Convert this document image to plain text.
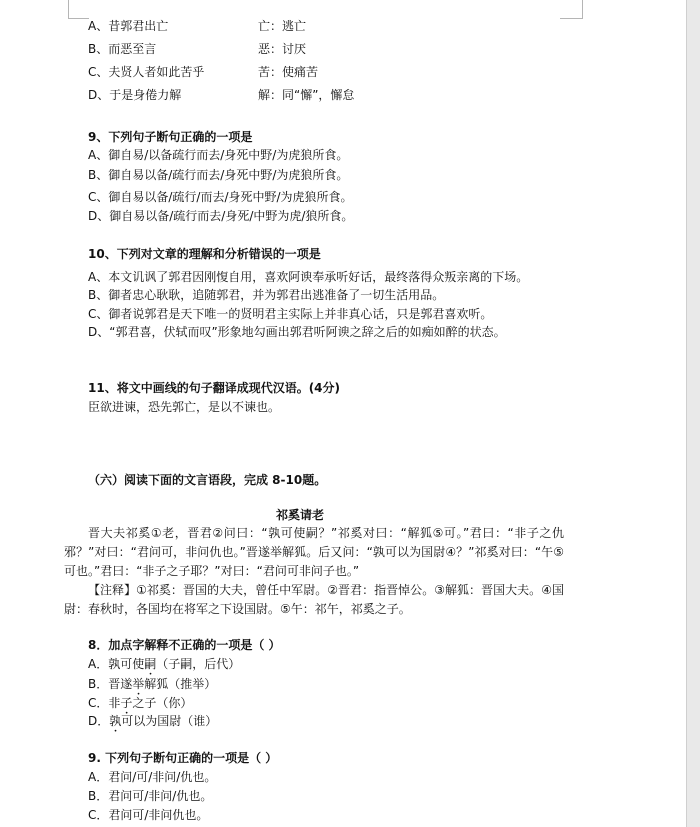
A、昔郭君出亡	亡：逃亡
B、而恶至言	恶：讨厌
C、夫贤人者如此苦乎	苦：使痛苦
D、于是身倦力解	解：同“懈”，懈怠
9、下列句子断句正确的一项是
A、御自易/以备疏行而去/身死中野/为虎狼所食。
B、御自易以备/疏行而去/身死中野/为虎狼所食。
C、御自易以备/疏行/而去/身死中野/为虎狼所食。
D、御自易以备/疏行而去/身死/中野为虎/狼所食。
10、下列对文章的理解和分析错误的一项是
A、本文讥讽了郭君因刚愎自用，喜欢阿谀奉承听好话，最终落得众叛亲离的下场。
B、御者忠心耿耿，追随郭君，并为郭君出逃准备了一切生活用品。
C、御者说郭君是天下唯一的贤明君主实际上并非真心话，只是郭君喜欢听。
D、“郭君喜，伏轼而叹”形象地勾画出郭君听阿谀之辞之后的如痴如醉的状态。
11、将文中画线的句子翻译成现代汉语。(4分)
臣欲进谏，恐先郭亡，是以不谏也。
（六）阅读下面的文言语段，完成 8-10题。
祁奚请老
晋大夫祁奚①老，晋君②问曰：“孰可使嗣？”祁奚对曰：“解狐⑤可。”君曰：“非子之仇邪？”对曰：“君问可，非问仇也。”晋遂举解狐。后又问：“孰可以为国尉④？”祁奚对曰：“午⑤可也。”君曰：“非子之子耶？”对曰：“君问可非问子也。”
【注释】①祁奚：晋国的大夫，曾任中军尉。②晋君：指晋悼公。③解狐：晋国大夫。④国尉：春秋时，各国均在将军之下设国尉。⑤午：祁午，祁奚之子。
8．加点字解释不正确的一项是（ ）
A．孰可使嗣（子嗣，后代）
B．晋遂举解狐（推举）
C．非子之子（你）
D．孰可以为国尉（谁）
9. 下列句子断句正确的一项是（ ）
A．君问/可/非问/仇也。
B．君问可/非问/仇也。
C．君问可/非问仇也。
